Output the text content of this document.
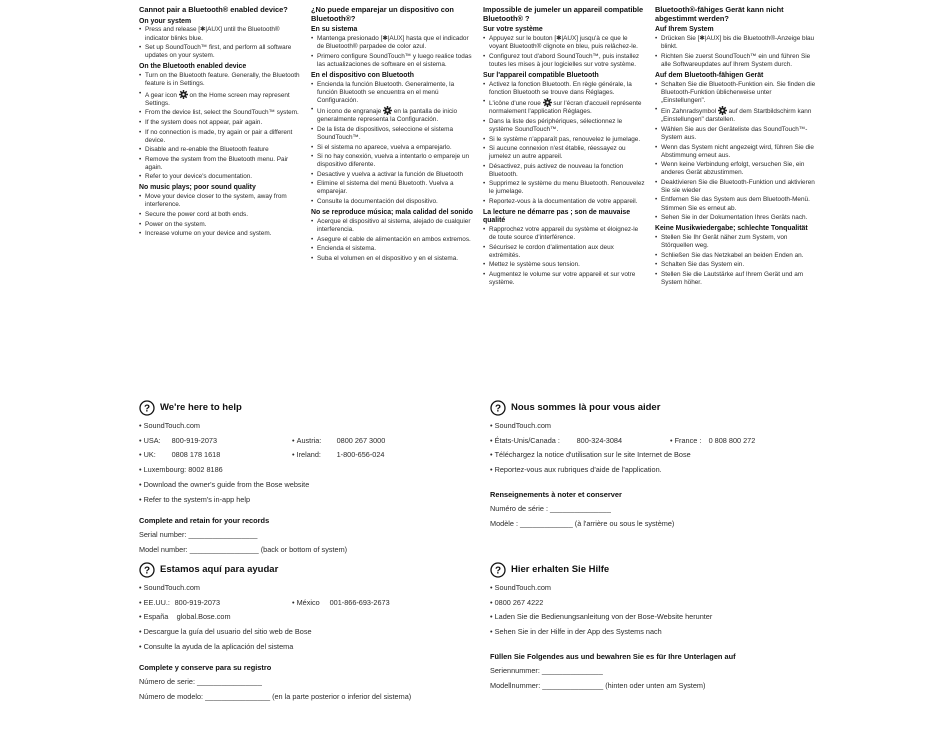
Cannot pair a Bluetooth® enabled device?
On your system
• Press and release [✱|AUX] until the Bluetooth® indicator blinks blue.
• Set up SoundTouch™ first, and perform all software updates on your system.
On the Bluetooth enabled device
• Turn on the Bluetooth feature. Generally, the Bluetooth feature is in Settings.
• A gear icon  on the Home screen may represent Settings.
• From the device list, select the SoundTouch™ system.
• If the system does not appear, pair again.
• If no connection is made, try again or pair a different device.
• Disable and re-enable the Bluetooth feature
• Remove the system from the Bluetooth menu. Pair again.
• Refer to your device's documentation.
No music plays; poor sound quality
• Move your device closer to the system, away from interference.
• Secure the power cord at both ends.
• Power on the system.
• Increase volume on your device and system.
¿No puede emparejar un dispositivo con Bluetooth®?
En su sistema
• Mantenga presionado [✱|AUX] hasta que el indicador de Bluetooth® parpadee de color azul.
• Primero configure SoundTouch™ y luego realice todas las actualizaciones de software en el sistema.
En el dispositivo con Bluetooth
• Encienda la función Bluetooth. Generalmente, la función Bluetooth se encuentra en el menú Configuración.
• Un icono de engranaje  en la pantalla de inicio generalmente representa la Configuración.
• De la lista de dispositivos, seleccione el sistema SoundTouch™.
• Si el sistema no aparece, vuelva a emparejarlo.
• Si no hay conexión, vuelva a intentarlo o empareje un dispositivo diferente.
• Desactive y vuelva a activar la función de Bluetooth
• Elimine el sistema del menú Bluetooth. Vuelva a emparejar.
• Consulte la documentación del dispositivo.
No se reproduce música; mala calidad del sonido
• Acerque el dispositivo al sistema, alejado de cualquier interferencia.
• Asegure el cable de alimentación en ambos extremos.
• Encienda el sistema.
• Suba el volumen en el dispositivo y en el sistema.
Impossible de jumeler un appareil compatible Bluetooth® ?
Sur votre système
• Appuyez sur le bouton [✱|AUX] jusqu'à ce que le voyant Bluetooth® clignote en bleu, puis relâchez-le.
• Configurez tout d'abord SoundTouch™, puis installez toutes les mises à jour logicielles sur votre système.
Sur l'appareil compatible Bluetooth
• Activez la fonction Bluetooth. En règle générale, la fonction Bluetooth se trouve dans Réglages.
• L'icône d'une roue  sur l'écran d'accueil représente normalement l'application Réglages.
• Dans la liste des périphériques, sélectionnez le système SoundTouch™.
• Si le système n'apparaît pas, renouvelez le jumelage.
• Si aucune connexion n'est établie, réessayez ou jumelez un autre appareil.
• Désactivez, puis activez de nouveau la fonction Bluetooth.
• Supprimez le système du menu Bluetooth. Renouvelez le jumelage.
• Reportez-vous à la documentation de votre appareil.
La lecture ne démarre pas ; son de mauvaise qualité
• Rapprochez votre appareil du système et éloignez-le de toute source d'interférence.
• Sécurisez le cordon d'alimentation aux deux extrémités.
• Mettez le système sous tension.
• Augmentez le volume sur votre appareil et sur votre système.
Bluetooth®-fähiges Gerät kann nicht abgestimmt werden?
Auf Ihrem System
• Drücken Sie [✱|AUX] bis die Bluetooth®-Anzeige blau blinkt.
• Richten Sie zuerst SoundTouch™ ein und führen Sie alle Softwareupdates auf Ihrem System durch.
Auf dem Bluetooth-fähigen Gerät
• Schalten Sie die Bluetooth-Funktion ein. Sie finden die Bluetooth-Funktion üblicherweise unter „Einstellungen".
• Ein Zahnradsymbol  auf dem Startbildschirm kann „Einstellungen" darstellen.
• Wählen Sie aus der Geräteliste das SoundTouch™-System aus.
• Wenn das System nicht angezeigt wird, führen Sie die Abstimmung erneut aus.
• Wenn keine Verbindung erfolgt, versuchen Sie, ein anderes Gerät abzustimmen.
• Deaktivieren Sie die Bluetooth-Funktion und aktivieren Sie sie wieder
• Entfernen Sie das System aus dem Bluetooth-Menü. Stimmen Sie es erneut ab.
• Sehen Sie in der Dokumentation Ihres Geräts nach.
Keine Musikwiedergabe; schlechte Tonqualität
• Stellen Sie Ihr Gerät näher zum System, von Störquellen weg.
• Schließen Sie das Netzkabel an beiden Enden an.
• Schalten Sie das System ein.
• Stellen Sie die Lautstärke auf Ihrem Gerät und am System höher.
? We're here to help
• SoundTouch.com
• USA: 800-919-2073	• Austria: 0800 267 3000
• UK: 0808 178 1618	• Ireland: 1-800-656-024
• Luxembourg: 8002 8186
• Download the owner's guide from the Bose website
• Refer to the system's in-app help
Complete and retain for your records
Serial number: _________________
Model number: _________________ (back or bottom of system)
? Nous sommes là pour vous aider
• SoundTouch.com
• États-Unis/Canada : 800-324-3084	• France : 0 808 800 272
• Téléchargez la notice d'utilisation sur le site Internet de Bose
• Reportez-vous aux rubriques d'aide de l'application.
Renseignements à noter et conserver
Numéro de série : _______________
Modèle : _____________ (à l'arrière ou sous le système)
? Estamos aquí para ayudar
• SoundTouch.com
• EE.UU.: 800-919-2073	• México 001-866-693-2673
• España	global.Bose.com
• Descargue la guía del usuario del sitio web de Bose
• Consulte la ayuda de la aplicación del sistema
Complete y conserve para su registro
Número de serie: ________________
Número de modelo: ________________ (en la parte posterior o inferior del sistema)
? Hier erhalten Sie Hilfe
• SoundTouch.com
• 0800 267 4222
• Laden Sie die Bedienungsanleitung von der Bose-Website herunter
• Sehen Sie in der Hilfe in der App des Systems nach
Füllen Sie Folgendes aus und bewahren Sie es für Ihre Unterlagen auf
Seriennummer: _______________
Modellnummer: _______________ (hinten oder unten am System)
